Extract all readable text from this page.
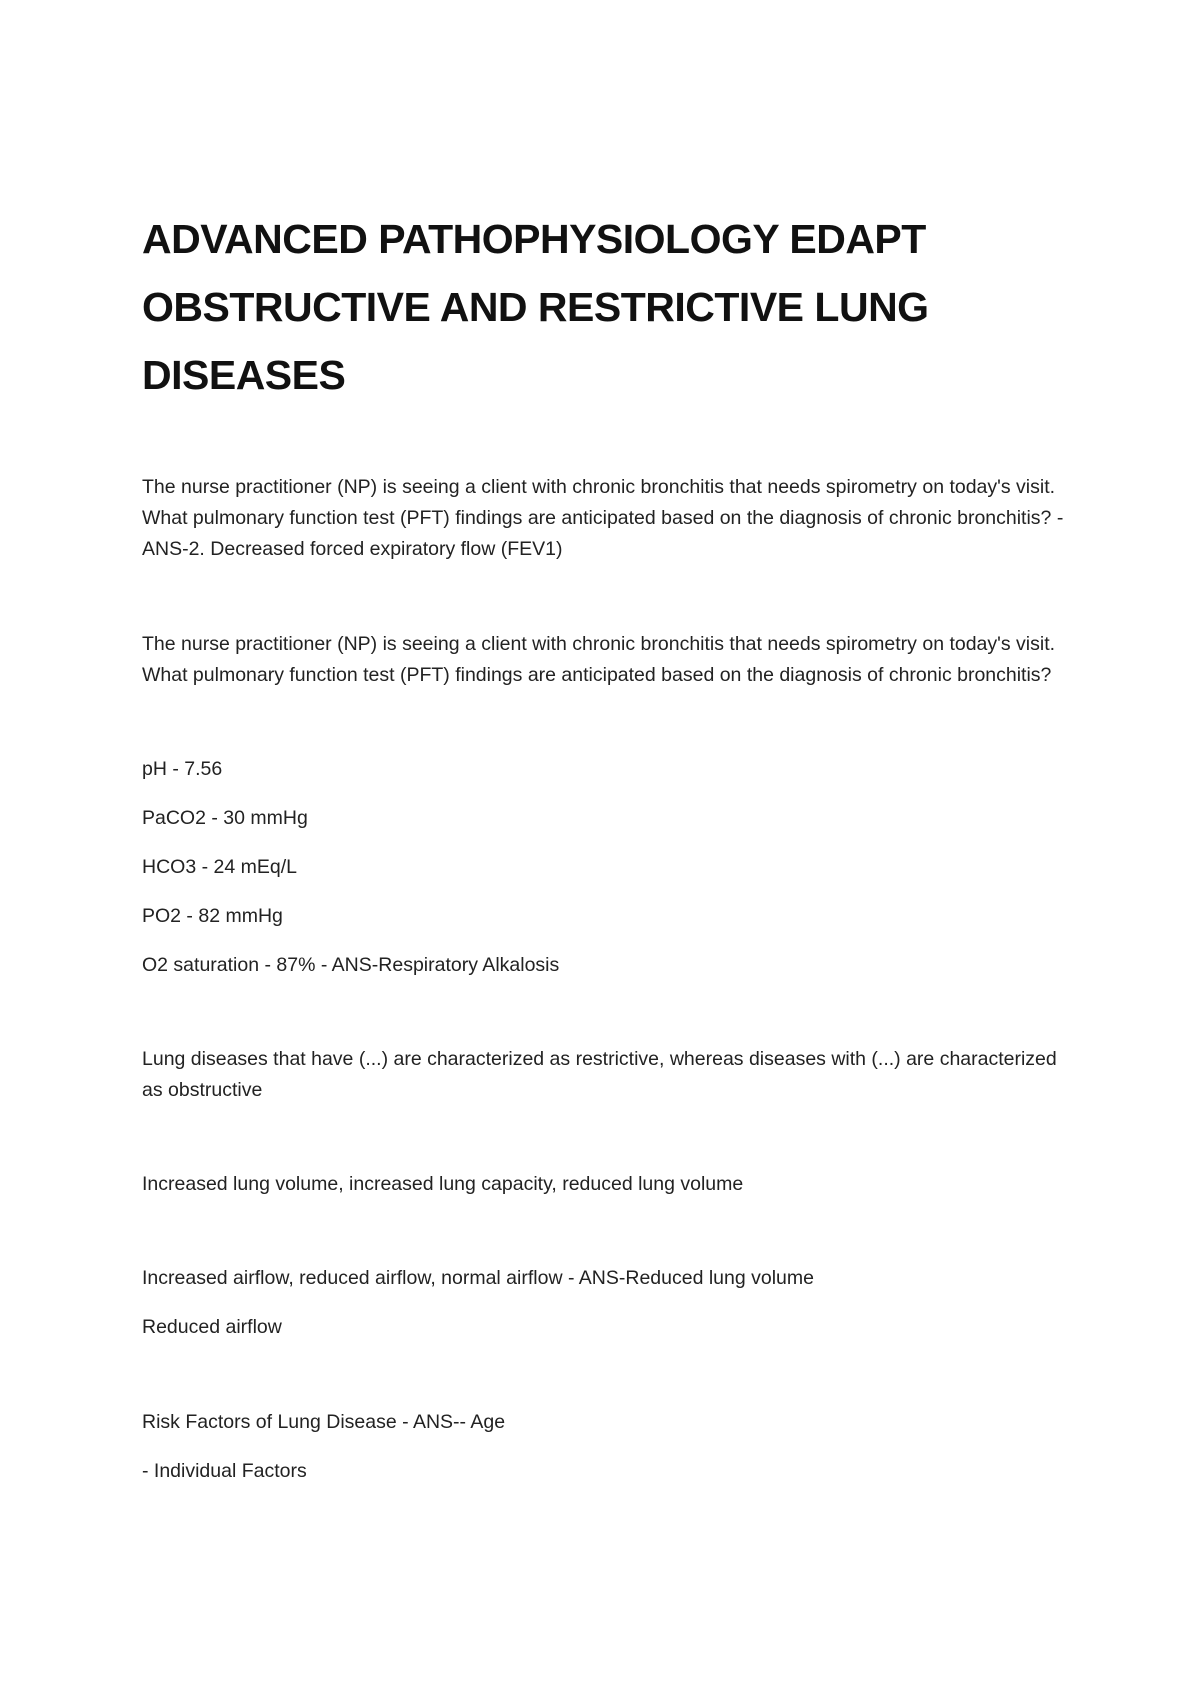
ADVANCED PATHOPHYSIOLOGY EDAPT
OBSTRUCTIVE AND RESTRICTIVE LUNG
DISEASES

The nurse practitioner (NP) is seeing a client with chronic bronchitis that needs spirometry on today's visit. What pulmonary function test (PFT) findings are anticipated based on the diagnosis of chronic bronchitis? - ANS-2. Decreased forced expiratory flow (FEV1)

The nurse practitioner (NP) is seeing a client with chronic bronchitis that needs spirometry on today's visit. What pulmonary function test (PFT) findings are anticipated based on the diagnosis of chronic bronchitis?

pH - 7.56

PaCO2 - 30 mmHg

HCO3 - 24 mEq/L

PO2 - 82 mmHg

O2 saturation - 87% - ANS-Respiratory Alkalosis

Lung diseases that have (...) are characterized as restrictive, whereas diseases with (...) are characterized as obstructive

Increased lung volume, increased lung capacity, reduced lung volume

Increased airflow, reduced airflow, normal airflow - ANS-Reduced lung volume

Reduced airflow

Risk Factors of Lung Disease - ANS-- Age

- Individual Factors
